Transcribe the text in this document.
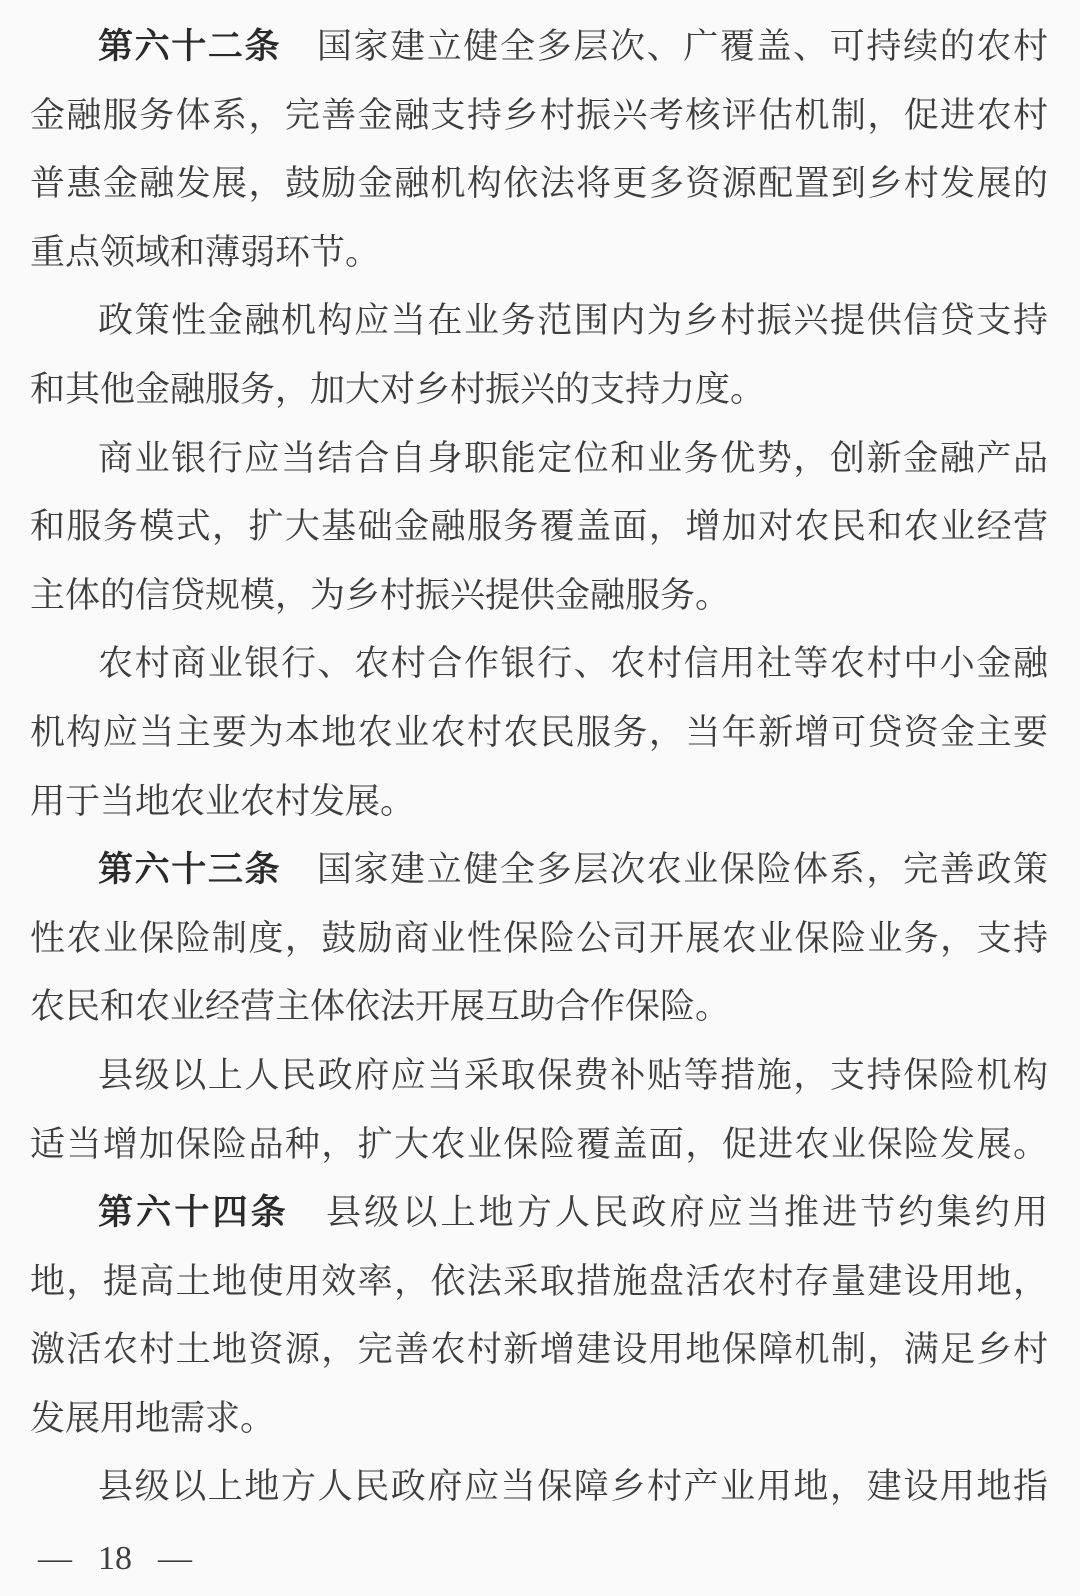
第六十二条 国家建立健全多层次、广覆盖、可持续的农村
金融服务体系，完善金融支持乡村振兴考核评估机制，促进农村
普惠金融发展，鼓励金融机构依法将更多资源配置到乡村发展的
重点领域和薄弱环节。
政策性金融机构应当在业务范围内为乡村振兴提供信贷支持
和其他金融服务，加大对乡村振兴的支持力度。
商业银行应当结合自身职能定位和业务优势，创新金融产品
和服务模式，扩大基础金融服务覆盖面，增加对农民和农业经营
主体的信贷规模，为乡村振兴提供金融服务。
农村商业银行、农村合作银行、农村信用社等农村中小金融
机构应当主要为本地农业农村农民服务，当年新增可贷资金主要
用于当地农业农村发展。
第六十三条 国家建立健全多层次农业保险体系，完善政策
性农业保险制度，鼓励商业性保险公司开展农业保险业务，支持
农民和农业经营主体依法开展互助合作保险。
县级以上人民政府应当采取保费补贴等措施，支持保险机构
适当增加保险品种，扩大农业保险覆盖面，促进农业保险发展。
第六十四条 县级以上地方人民政府应当推进节约集约用
地，提高土地使用效率，依法采取措施盘活农村存量建设用地，
激活农村土地资源，完善农村新增建设用地保障机制，满足乡村
发展用地需求。
县级以上地方人民政府应当保障乡村产业用地，建设用地指
— 18 —
